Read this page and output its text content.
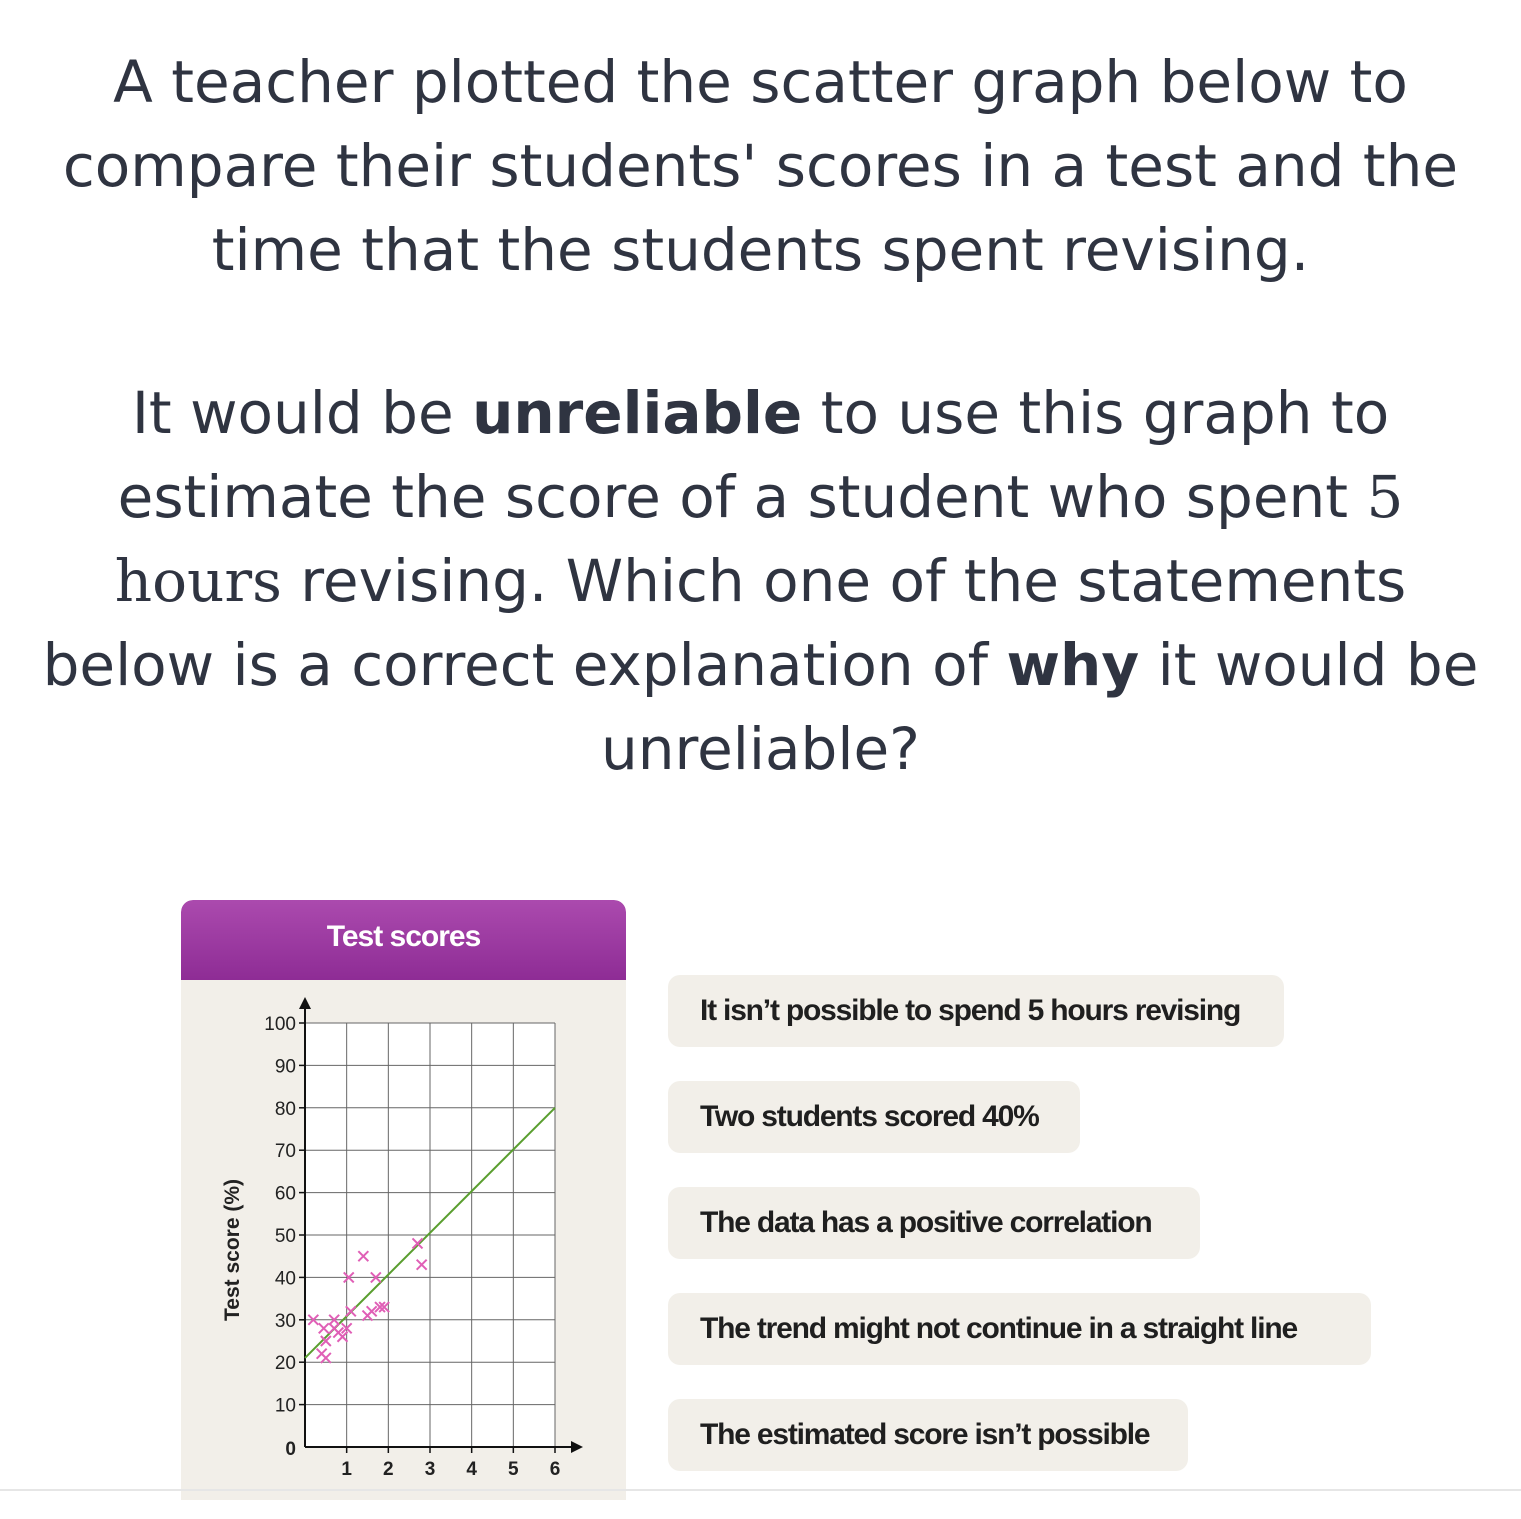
A teacher plotted the scatter graph below to compare their students' scores in a test and the time that the students spent revising.

It would be unreliable to use this graph to estimate the score of a student who spent 5 hours revising. Which one of the statements below is a correct explanation of why it would be unreliable?

Test scores
10
20
30
40
50
60
70
80
90
100
1 2 3 4 5 6
0
Test score (%)
It isn’t possible to spend 5 hours revising
Two students scored 40%
The data has a positive correlation
The trend might not continue in a straight line
The estimated score isn’t possible
